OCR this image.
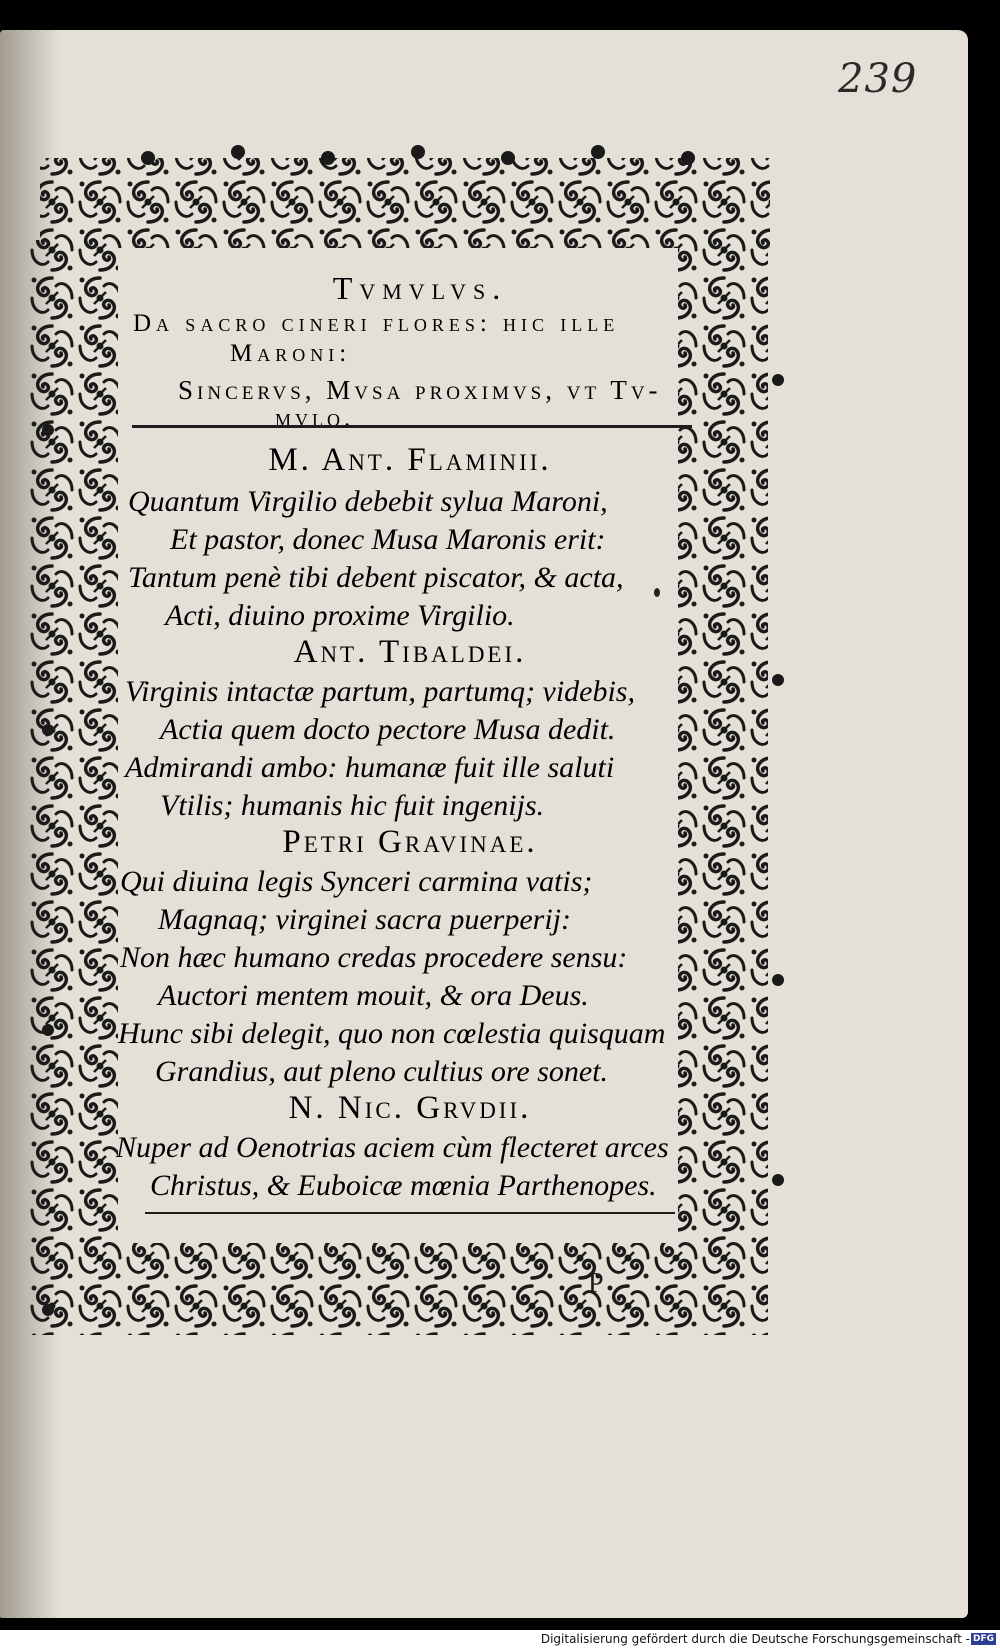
239
Tvmvlvs.
Da sacro cineri flores: hic ille
Maroni:
Sincervs, Mvsa proximvs, vt Tv-
mvlo.
M. Ant. Flaminii.
Quantum Virgilio debebit sylua Maroni,
Et pastor, donec Musa Maronis erit:
Tantum penè tibi debent piscator, & acta,
Acti, diuino proxime Virgilio.
Ant. Tibaldei.
Virginis intactæ partum, partumq; videbis,
Actia quem docto pectore Musa dedit.
Admirandi ambo: humanæ fuit ille saluti
Vtilis; humanis hic fuit ingenijs.
Petri Gravinae.
Qui diuina legis Synceri carmina vatis;
Magnaq; virginei sacra puerperij:
Non hæc humano credas procedere sensu:
Auctori mentem mouit, & ora Deus.
Hunc sibi delegit, quo non cœlestia quisquam
Grandius, aut pleno cultius ore sonet.
N. Nic. Grvdii.
Nuper ad Oenotrias aciem cùm flecteret arces
Christus, & Euboicæ mœnia Parthenopes.
P
Digitalisierung gefördert durch die Deutsche Forschungsgemeinschaft - DFG
